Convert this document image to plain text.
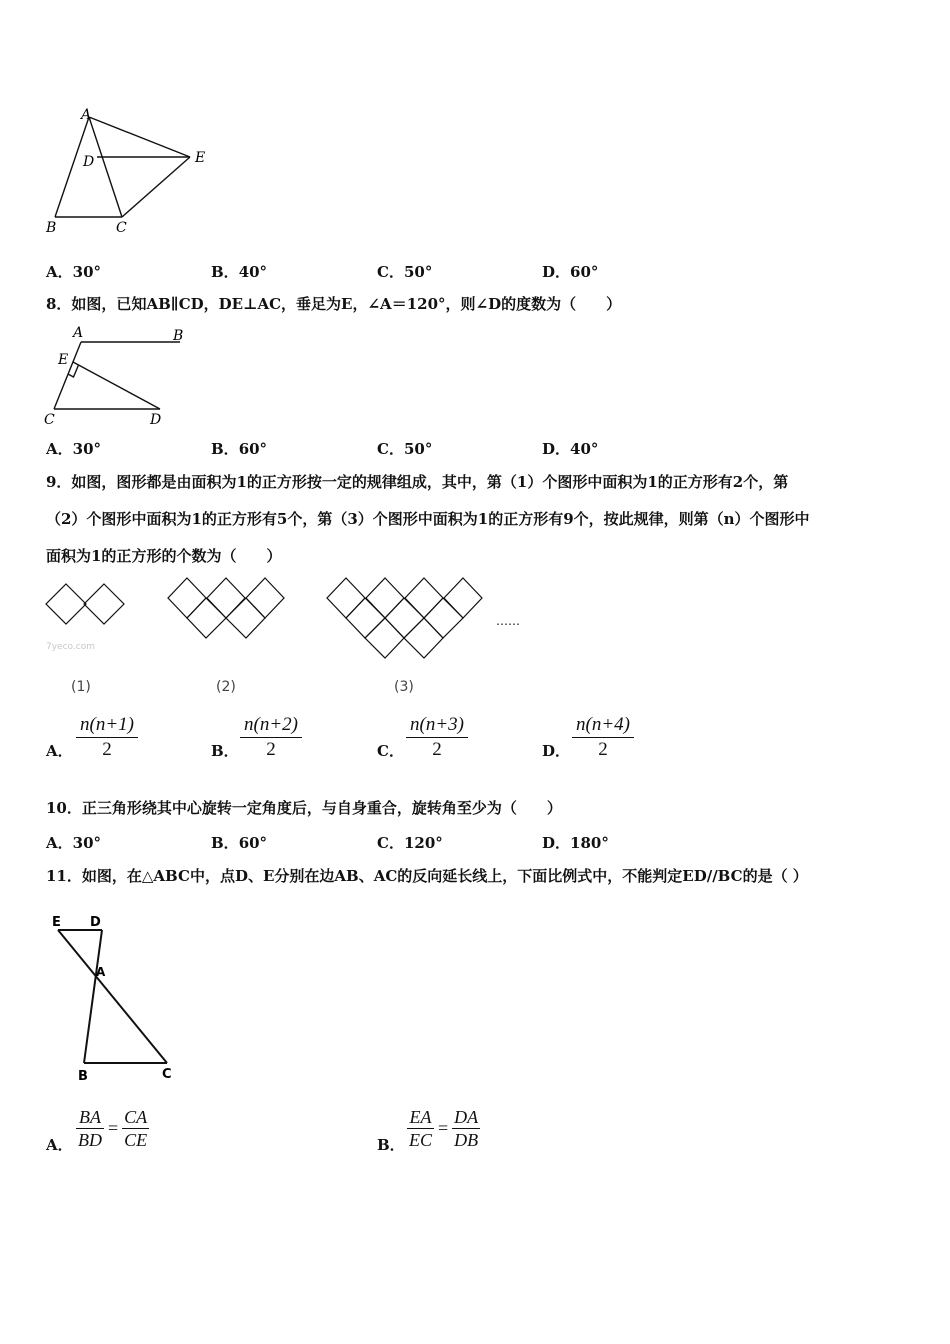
A
D	E
B	C
A．30°	B．40°	C．50°	D．60°
8．如图，已知AB∥CD，DE⊥AC，垂足为E，∠A＝120°，则∠D的度数为（　　）
A	B
E
C	D
A．30°	B．60°	C．50°	D．40°
9．如图，图形都是由面积为1的正方形按一定的规律组成，其中，第（1）个图形中面积为1的正方形有2个，第
（2）个图形中面积为1的正方形有5个，第（3）个图形中面积为1的正方形有9个，按此规律，则第（n）个图形中
面积为1的正方形的个数为（　　）
7yeco.com
……
(1)	(2)	(3)
A． $\frac{n(n+1)}{2}$	B． $\frac{n(n+2)}{2}$	C． $\frac{n(n+3)}{2}$	D． $\frac{n(n+4)}{2}$
10．正三角形绕其中心旋转一定角度后，与自身重合，旋转角至少为（　　）
A．30°	B．60°	C．120°	D．180°
11．如图，在△ABC中，点D、E分别在边AB、AC的反向延长线上，下面比例式中，不能判定ED//BC的是（ ）
E D
A
B	C
A． $\frac{BA}{BD} = \frac{CA}{CE}$	B． $\frac{EA}{EC} = \frac{DA}{DB}$
